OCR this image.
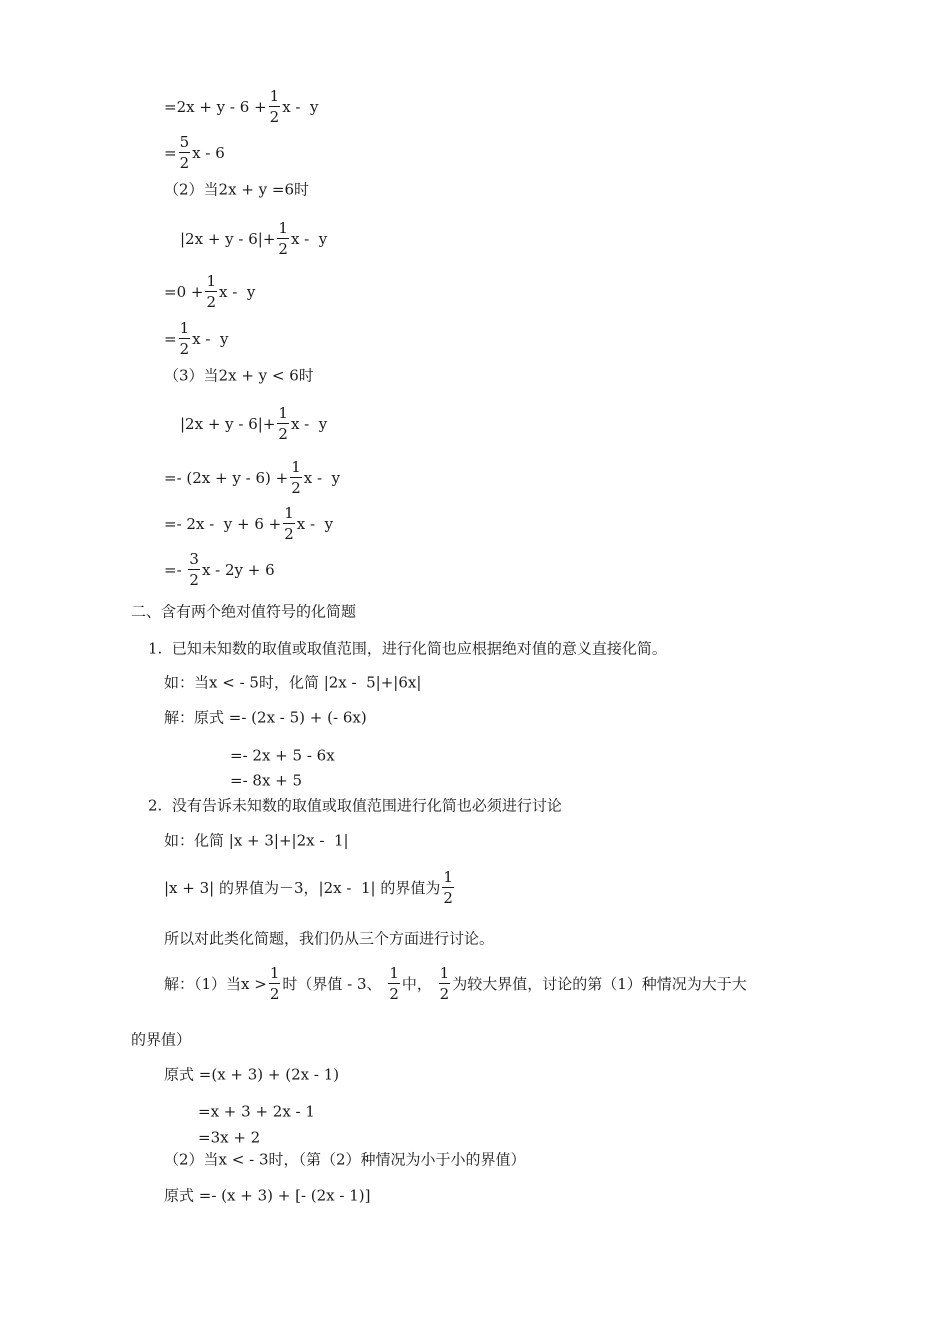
$=2x + y - 6 + \frac{1}{2}$ x -  y
= $\frac{5}{2}$ x - 6
（2）当2x + y =6时
$|2x + y - 6|+ \frac{1}{2}$ x -  y
$=0 + \frac{1}{2}$ x -  y
= $\frac{1}{2}$ x -  y
（3）当2x + y < 6时
$|2x + y - 6|+ \frac{1}{2}$ x -  y
=- $(2x + y - 6) + \frac{1}{2}$ x -  y
=- $2x - y + 6 + \frac{1}{2}$ x -  y
=- $\frac{3}{2}$ x - 2y + 6
二、含有两个绝对值符号的化简题
1.  已知未知数的取值或取值范围，进行化简也应根据绝对值的意义直接化简。
如：当x < - 5时，化简 |2x -  5|+|6x|
解：原式 =- (2x - 5) + (- 6x)
=- 2x + 5 - 6x
=- 8x + 5
2.  没有告诉未知数的取值或取值范围进行化简也必须进行讨论
如：化简 |x + 3|+|2x -  1|
|x + 3| 的界值为－3，|2x -  1| 的界值为 $\frac{1}{2}$
所以对此类化简题，我们仍从三个方面进行讨论。
解：（1）当$x > \frac{1}{2}$ 时（界值 - 3、 $\frac{1}{2}$ 中， $\frac{1}{2}$ 为较大界值，讨论的第（1）种情况为大于大
的界值）
原式 =(x + 3) + (2x - 1)
=x + 3 + 2x - 1
=3x + 2
（2）当x < - 3时，（第（2）种情况为小于小的界值）
原式 =- (x + 3) + [- (2x - 1)]
